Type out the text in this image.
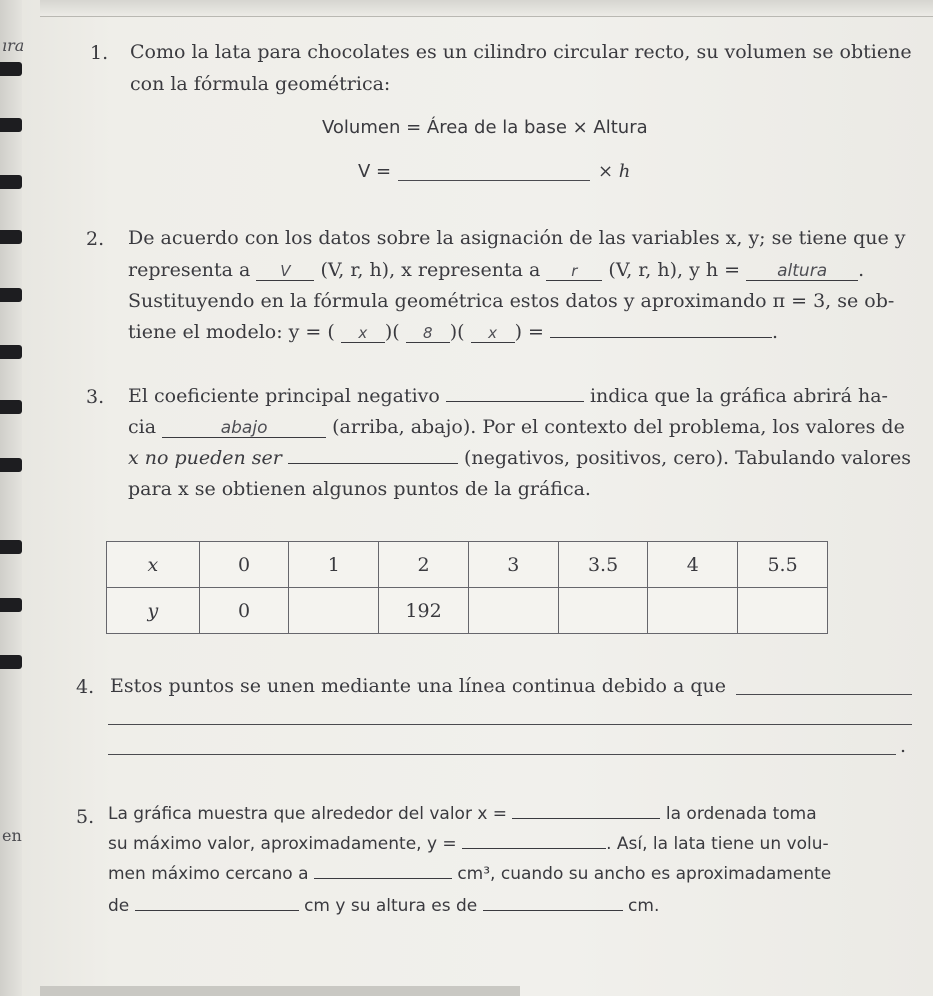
ıra
en
1. Como la lata para chocolates es un cilindro circular recto, su volumen se obtiene
con la fórmula geométrica:
Volumen = Área de la base × Altura
V =	× h
2. De acuerdo con los datos sobre la asignación de las variables x, y; se tiene que y
representa a V (V, r, h), x representa a r (V, r, h), y h = altura .
Sustituyendo en la fórmula geométrica estos datos y aproximando π = 3, se ob-
tiene el modelo: y = ( x )( 8 )( x ) =	.
3. El coeficiente principal negativo	indica que la gráfica abrirá ha-
cia	abajo	(arriba, abajo). Por el contexto del problema, los valores de
x no pueden ser	(negativos, positivos, cero). Tabulando valores
para x se obtienen algunos puntos de la gráfica.
x	0	1	2	3	3.5	4	5.5
y	0		192				
4. Estos puntos se unen mediante una línea continua debido a que
.
5. La gráfica muestra que alrededor del valor x =	la ordenada toma
su máximo valor, aproximadamente, y =	. Así, la lata tiene un volu-
men máximo cercano a	cm³, cuando su ancho es aproximadamente
de	cm y su altura es de	cm.
